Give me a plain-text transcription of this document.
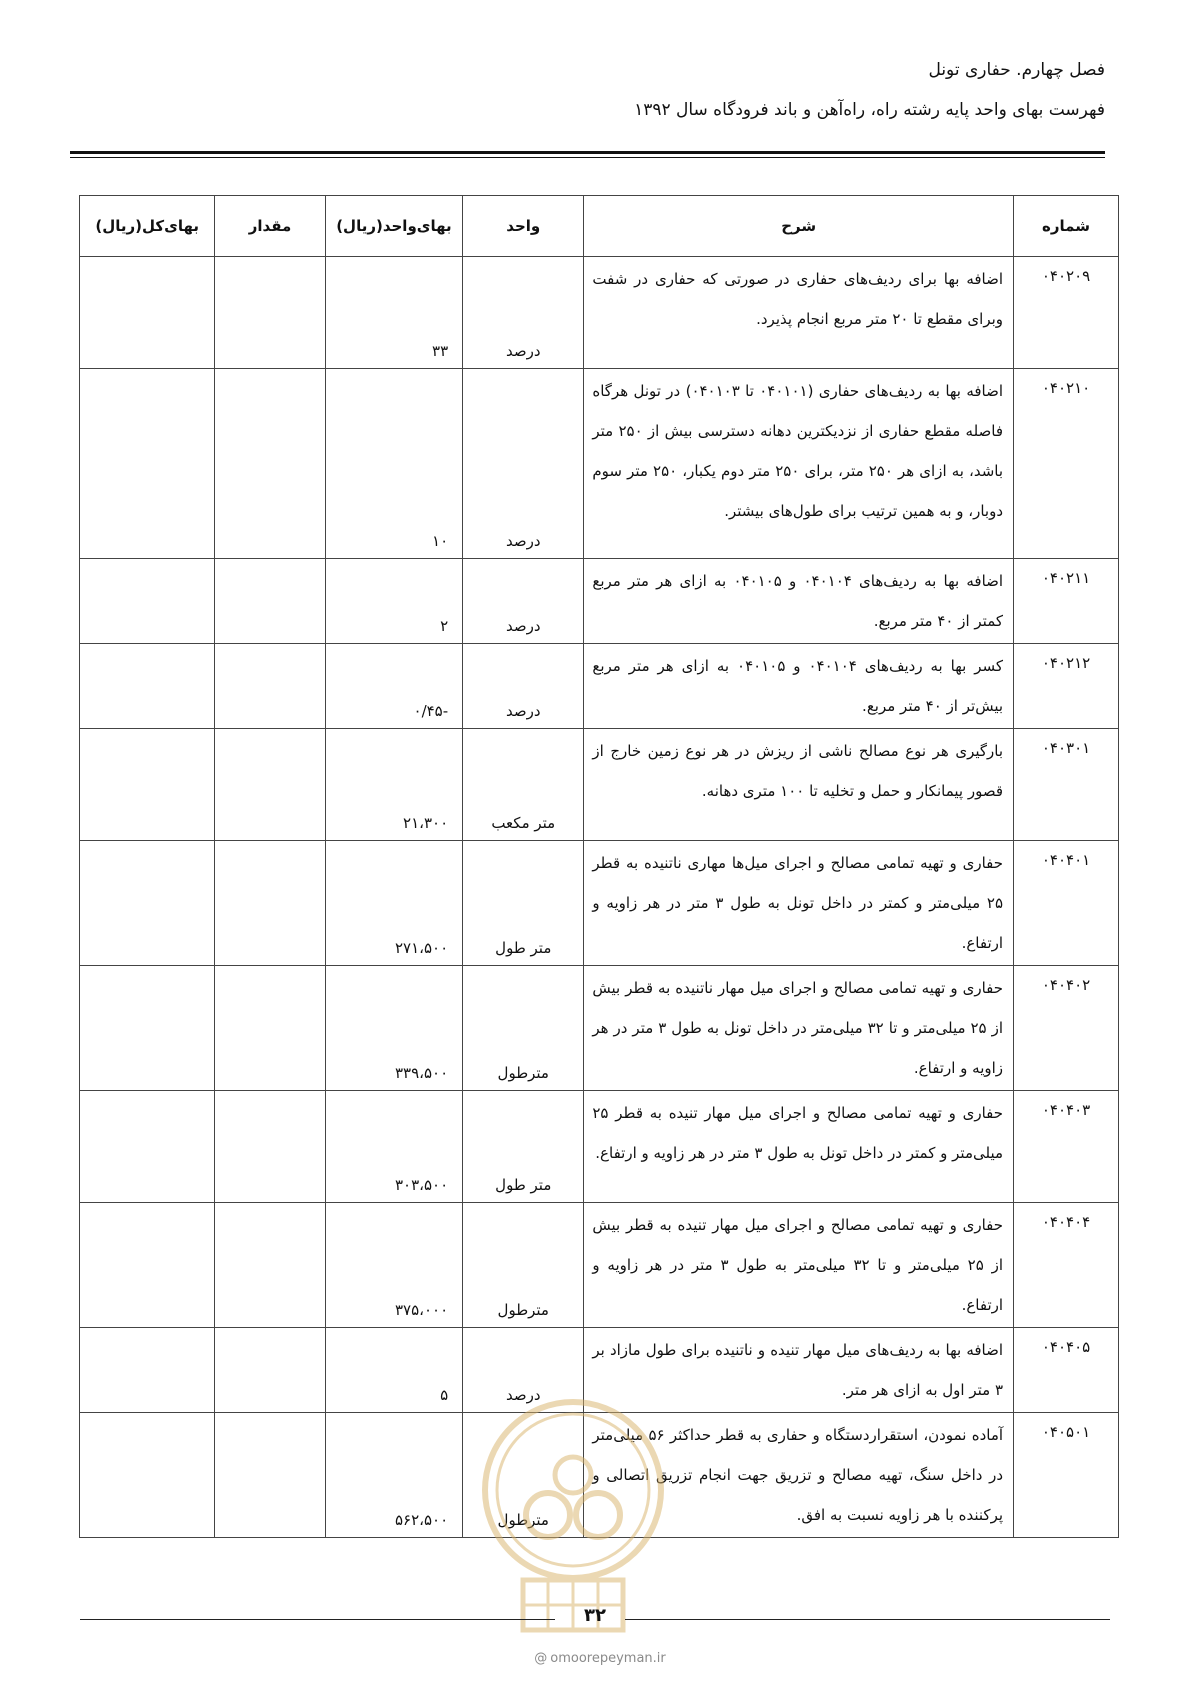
فصل چهارم. حفاری تونل
فهرست بهای واحد پایه رشته راه، راه‌آهن و باند فرودگاه سال ۱۳۹۲
شماره	شرح	واحد	بهای‌واحد(ریال)	مقدار	بهای‌کل(ریال)
۰۴۰۲۰۹	اضافه بها برای ردیف‌های حفاری در صورتی که حفاری در شفت وبرای مقطع تا ۲۰ متر مربع انجام پذیرد.	درصد	۳۳		
۰۴۰۲۱۰	اضافه بها به ردیف‌های حفاری (۰۴۰۱۰۱ تا ۰۴۰۱۰۳) در تونل هرگاه فاصله مقطع حفاری از نزدیکترین دهانه دسترسی بیش از ۲۵۰ متر باشد، به ازای هر ۲۵۰ متر، برای ۲۵۰ متر دوم یکبار، ۲۵۰ متر سوم دوبار، و به همین ترتیب برای طول‌های بیشتر.	درصد	۱۰		
۰۴۰۲۱۱	اضافه بها به ردیف‌های ۰۴۰۱۰۴ و ۰۴۰۱۰۵ به ازای هر متر مربع کمتر از ۴۰ متر مربع.	درصد	۲		
۰۴۰۲۱۲	کسر بها به ردیف‌های ۰۴۰۱۰۴ و ۰۴۰۱۰۵ به ازای هر متر مربع بیش‌تر از ۴۰ متر مربع.	درصد	-۰/۴۵		
۰۴۰۳۰۱	بارگیری هر نوع مصالح ناشی از ریزش در هر نوع زمین خارج از قصور پیمانکار و حمل و تخلیه تا ۱۰۰ متری دهانه.	متر مکعب	۲۱،۳۰۰		
۰۴۰۴۰۱	حفاری و تهیه تمامی مصالح و اجرای میل‌ها مهاری ناتنیده به قطر ۲۵ میلی‌متر و کمتر در داخل تونل به طول ۳ متر در هر زاویه و ارتفاع.	متر طول	۲۷۱،۵۰۰		
۰۴۰۴۰۲	حفاری و تهیه تمامی مصالح و اجرای میل مهار ناتنیده به قطر بیش از ۲۵ میلی‌متر و تا ۳۲ میلی‌متر در داخل تونل به طول ۳ متر در هر زاویه و ارتفاع.	مترطول	۳۳۹،۵۰۰		
۰۴۰۴۰۳	حفاری و تهیه تمامی مصالح و اجرای میل مهار تنیده به قطر ۲۵ میلی‌متر و کمتر در داخل تونل به طول ۳ متر در هر زاویه و ارتفاع.	متر طول	۳۰۳،۵۰۰		
۰۴۰۴۰۴	حفاری و تهیه تمامی مصالح و اجرای میل مهار تنیده به قطر بیش از ۲۵ میلی‌متر و تا ۳۲ میلی‌متر به طول ۳ متر در هر زاویه و ارتفاع.	مترطول	۳۷۵،۰۰۰		
۰۴۰۴۰۵	اضافه بها به ردیف‌های میل مهار تنیده و ناتنیده برای طول مازاد بر ۳ متر اول به ازای هر متر.	درصد	۵		
۰۴۰۵۰۱	آماده نمودن، استقراردستگاه و حفاری به قطر حداکثر ۵۶ میلی‌متر در داخل سنگ، تهیه مصالح و تزریق جهت انجام تزریق اتصالی و پرکننده با هر زاویه نسبت به افق.	مترطول	۵۶۲،۵۰۰		
۳۲
@ omoorepeyman.ir
